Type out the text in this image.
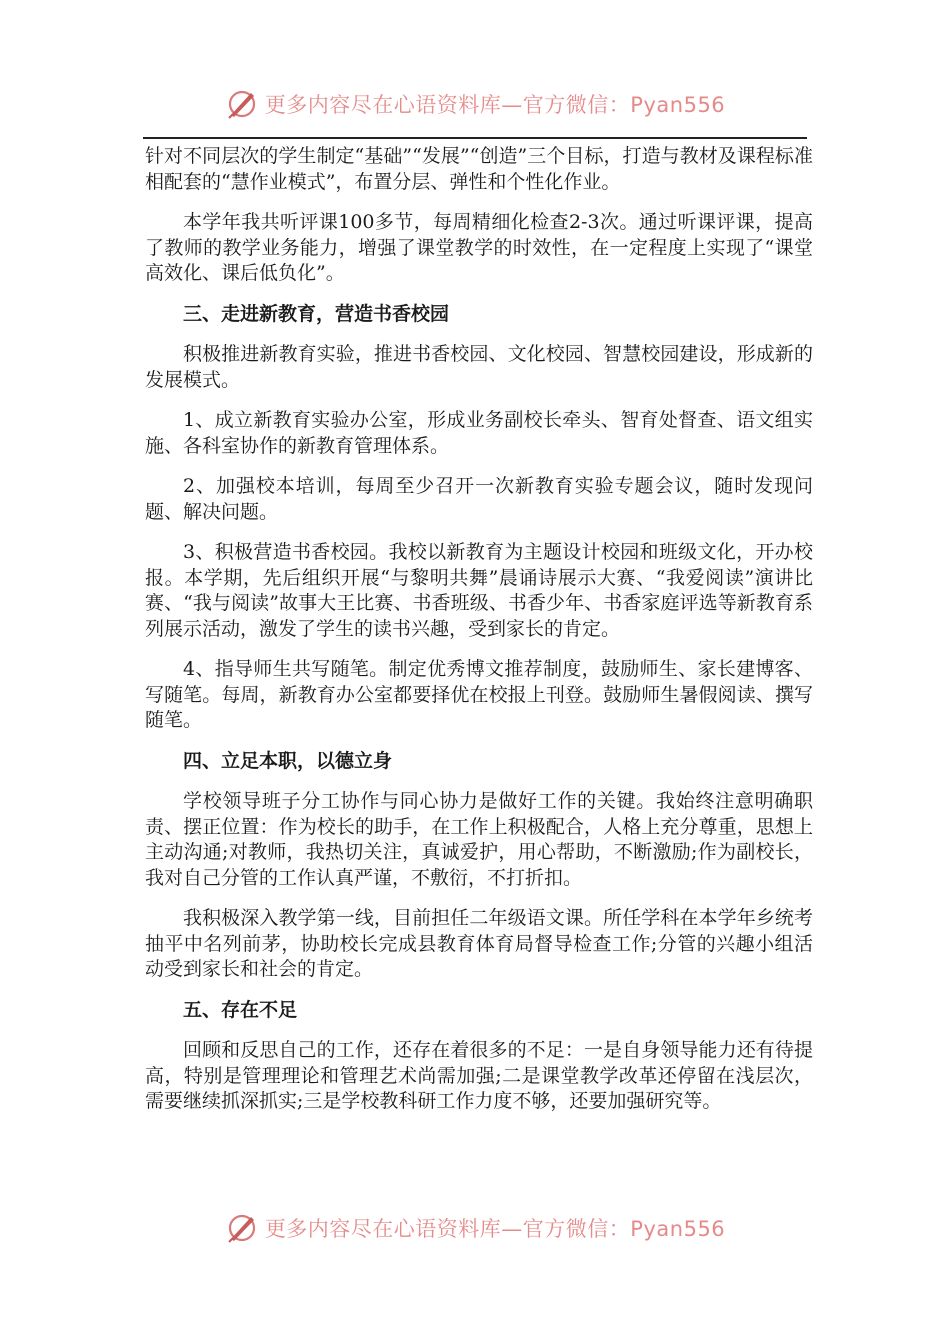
更多内容尽在心语资料库—官方微信：Pyan556

针对不同层次的学生制定“基础”“发展”“创造”三个目标，打造与教材及课程标准相配套的“慧作业模式”，布置分层、弹性和个性化作业。

本学年我共听评课100多节，每周精细化检查2-3次。通过听课评课，提高了教师的教学业务能力，增强了课堂教学的时效性，在一定程度上实现了“课堂高效化、课后低负化”。

三、走进新教育，营造书香校园

积极推进新教育实验，推进书香校园、文化校园、智慧校园建设，形成新的发展模式。

1、成立新教育实验办公室，形成业务副校长牵头、智育处督查、语文组实施、各科室协作的新教育管理体系。

2、加强校本培训，每周至少召开一次新教育实验专题会议，随时发现问题、解决问题。

3、积极营造书香校园。我校以新教育为主题设计校园和班级文化，开办校报。本学期，先后组织开展“与黎明共舞”晨诵诗展示大赛、“我爱阅读”演讲比赛、“我与阅读”故事大王比赛、书香班级、书香少年、书香家庭评选等新教育系列展示活动，激发了学生的读书兴趣，受到家长的肯定。

4、指导师生共写随笔。制定优秀博文推荐制度，鼓励师生、家长建博客、写随笔。每周，新教育办公室都要择优在校报上刊登。鼓励师生暑假阅读、撰写随笔。

四、立足本职，以德立身

学校领导班子分工协作与同心协力是做好工作的关键。我始终注意明确职责、摆正位置：作为校长的助手，在工作上积极配合，人格上充分尊重，思想上主动沟通;对教师，我热切关注，真诚爱护，用心帮助，不断激励;作为副校长，我对自己分管的工作认真严谨，不敷衍，不打折扣。

我积极深入教学第一线，目前担任二年级语文课。所任学科在本学年乡统考抽平中名列前茅，协助校长完成县教育体育局督导检查工作;分管的兴趣小组活动受到家长和社会的肯定。

五、存在不足

回顾和反思自己的工作，还存在着很多的不足：一是自身领导能力还有待提高，特别是管理理论和管理艺术尚需加强;二是课堂教学改革还停留在浅层次，需要继续抓深抓实;三是学校教科研工作力度不够，还要加强研究等。

更多内容尽在心语资料库—官方微信：Pyan556
